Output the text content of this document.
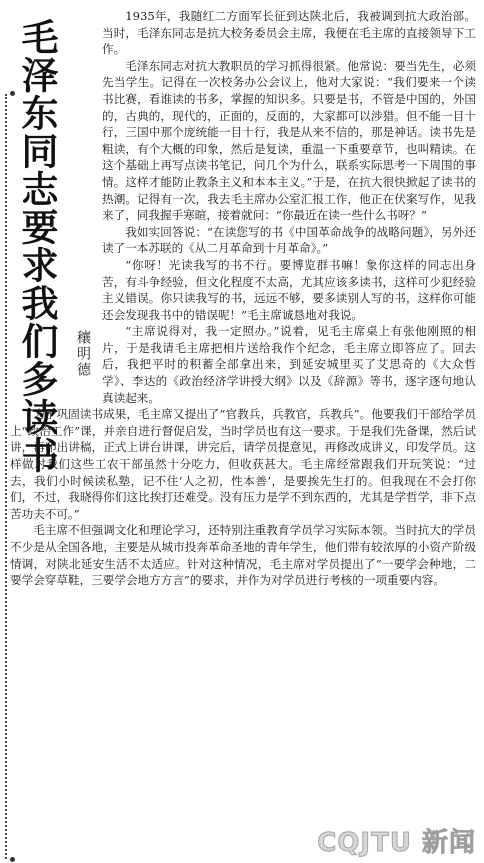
毛泽东同志要求我们多读书 穰明德

1935年，我随红二方面军长征到达陕北后，我被调到抗大政治部。当时，毛泽东同志是抗大校务委员会主席，我便在毛主席的直接领导下工作。

毛泽东同志对抗大教职员的学习抓得很紧。他常说：要当先生，必须先当学生。记得在一次校务办公会议上，他对大家说：“我们要来一个读书比赛，看谁读的书多，掌握的知识多。只要是书，不管是中国的，外国的，古典的，现代的，正面的，反面的，大家都可以涉猎。但不能一目十行，三国中那个庞统能一目十行，我是从来不信的，那是神话。读书先是粗读，有个大概的印象，然后是复读，重温一下重要章节，也叫精读。在这个基础上再写点读书笔记，问几个为什么，联系实际思考一下周围的事情。这样才能防止教条主义和本本主义。”于是，在抗大很快掀起了读书的热潮。记得有一次，我去毛主席办公室汇报工作，他正在伏案写作，见我来了，同我握手寒暄，接着就问：“你最近在读一些什么书呀？”

我如实回答说：“在读您写的书《中国革命战争的战略问题》，另外还读了一本苏联的《从二月革命到十月革命》。”

“你呀！光读我写的书不行。要博览群书嘛！象你这样的同志出身苦，有斗争经验，但文化程度不太高，尤其应该多读书，这样可少犯经验主义错误。你只读我写的书，远远不够，要多读别人写的书，这样你可能还会发现我书中的错误呢！”毛主席诚恳地对我说。

“主席说得对，我一定照办。”说着，见毛主席桌上有张他刚照的相片，于是我请毛主席把相片送给我作个纪念，毛主席立即答应了。回去后，我把平时的积蓄全部拿出来，到延安城里买了艾思奇的《大众哲学》、李达的《政治经济学讲授大纲》以及《辞源》等书，逐字逐句地认真读起来。

为了巩固读书成果，毛主席又提出了“官教兵，兵教官，兵教兵”。他要我们干部给学员上“政治工作”课，并亲自进行督促启发，当时学员也有这一要求。于是我们先备课，然后试讲，再印出讲稿，正式上讲台讲课，讲完后，请学员提意见，再修改成讲义，印发学员。这样做对我们这些工农干部虽然十分吃力，但收获甚大。毛主席经常跟我们开玩笑说：“过去，我们小时候读私塾，记不住‘人之初，性本善’，是要挨先生打的。但我现在不会打你们，不过，我晓得你们这比挨打还难受。没有压力是学不到东西的，尤其是学哲学，非下点苦功夫不可。”

毛主席不但强调文化和理论学习，还特别注重教育学员学习实际本领。当时抗大的学员不少是从全国各地，主要是从城市投奔革命圣地的青年学生，他们带有较浓厚的小资产阶级情调，对陕北延安生活不太适应。针对这种情况，毛主席对学员提出了“一要学会种地，二要学会穿草鞋，三要学会地方方言”的要求，并作为对学员进行考核的一项重要内容。

CQJTU 新闻
